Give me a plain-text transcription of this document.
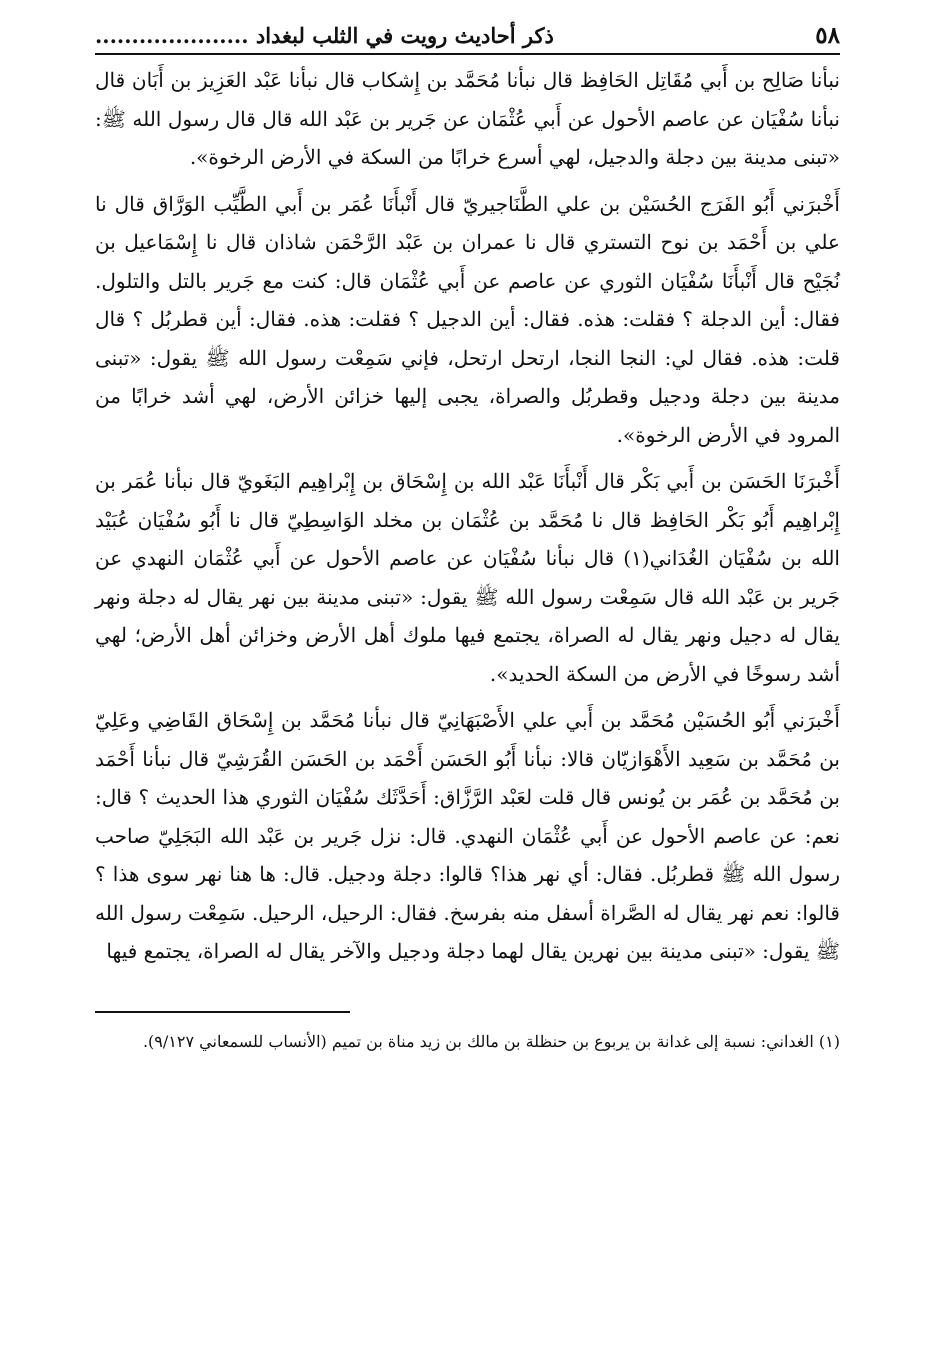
٥٨
ذكر أحاديث رويت في الثلب لبغداد .....................

نبأنا صَالِح بن أَبي مُقَاتِل الحَافِظ قال نبأنا مُحَمَّد بن إِشكاب قال نبأنا عَبْد العَزِيز بن أَبَان قال نبأنا سُفْيَان عن عاصم الأحول عن أَبي عُثْمَان عن جَرير بن عَبْد الله قال قال رسول الله ﷺ: «تبنى مدينة بين دجلة والدجيل، لهي أسرع خرابًا من السكة في الأرض الرخوة».

أَخْبرَني أَبُو الفَرَج الحُسَيْن بن علي الطَّنَاجيريّ قال أَنْبأَنَا عُمَر بن أَبي الطَّيِّب الوَرَّاق قال نا علي بن أَحْمَد بن نوح التستري قال نا عمران بن عَبْد الرَّحْمَن شاذان قال نا إِسْمَاعيل بن نُجَيْح قال أَنْبأَنَا سُفْيَان الثوري عن عاصم عن أَبي عُثْمَان قال: كنت مع جَرير بالتل والتلول. فقال: أين الدجلة ؟ فقلت: هذه. فقال: أين الدجيل ؟ فقلت: هذه. فقال: أين قطربُل ؟ قال قلت: هذه. فقال لي: النجا النجا، ارتحل ارتحل، فإني سَمِعْت رسول الله ﷺ يقول: «تبنى مدينة بين دجلة ودجيل وقطربُل والصراة، يجبى إليها خزائن الأرض، لهي أشد خرابًا من المرود في الأرض الرخوة».

أَخْبرَنَا الحَسَن بن أَبي بَكْر قال أَنْبأَنَا عَبْد الله بن إِسْحَاق بن إِبْراهِيم البَغَويّ قال نبأنا عُمَر بن إِبْراهِيم أَبُو بَكْر الحَافِظ قال نا مُحَمَّد بن عُثْمَان بن مخلد الوَاسِطِيّ قال نا أَبُو سُفْيَان عُبَيْد الله بن سُفْيَان الغُدَاني(١) قال نبأنا سُفْيَان عن عاصم الأحول عن أَبي عُثْمَان النهدي عن جَرير بن عَبْد الله قال سَمِعْت رسول الله ﷺ يقول: «تبنى مدينة بين نهر يقال له دجلة ونهر يقال له دجيل ونهر يقال له الصراة، يجتمع فيها ملوك أهل الأرض وخزائن أهل الأرض؛ لهي أشد رسوخًا في الأرض من السكة الحديد».

أَخْبرَني أَبُو الحُسَيْن مُحَمَّد بن أَبي علي الأَصْبَهَانِيّ قال نبأنا مُحَمَّد بن إِسْحَاق القَاضِي وعَلِيّ بن مُحَمَّد بن سَعِيد الأَهْوَازيّان قالا: نبأنا أَبُو الحَسَن أَحْمَد بن الحَسَن القُرَشِيّ قال نبأنا أَحْمَد بن مُحَمَّد بن عُمَر بن يُونس قال قلت لعَبْد الرَّزَّاق: أَحَدَّثَك سُفْيَان الثوري هذا الحديث ؟ قال: نعم: عن عاصم الأحول عن أَبي عُثْمَان النهدي. قال: نزل جَرير بن عَبْد الله البَجَلِيّ صاحب رسول الله ﷺ قطربُل. فقال: أي نهر هذا؟ قالوا: دجلة ودجيل. قال: ها هنا نهر سوى هذا ؟ قالوا: نعم نهر يقال له الصَّراة أسفل منه بفرسخ. فقال: الرحيل، الرحيل. سَمِعْت رسول الله ﷺ يقول: «تبنى مدينة بين نهرين يقال لهما دجلة ودجيل والآخر يقال له الصراة، يجتمع فيها

(١) الغداني: نسبة إلى غدانة بن يربوع بن حنظلة بن مالك بن زيد مناة بن تميم (الأنساب للسمعاني ٩/١٢٧).
